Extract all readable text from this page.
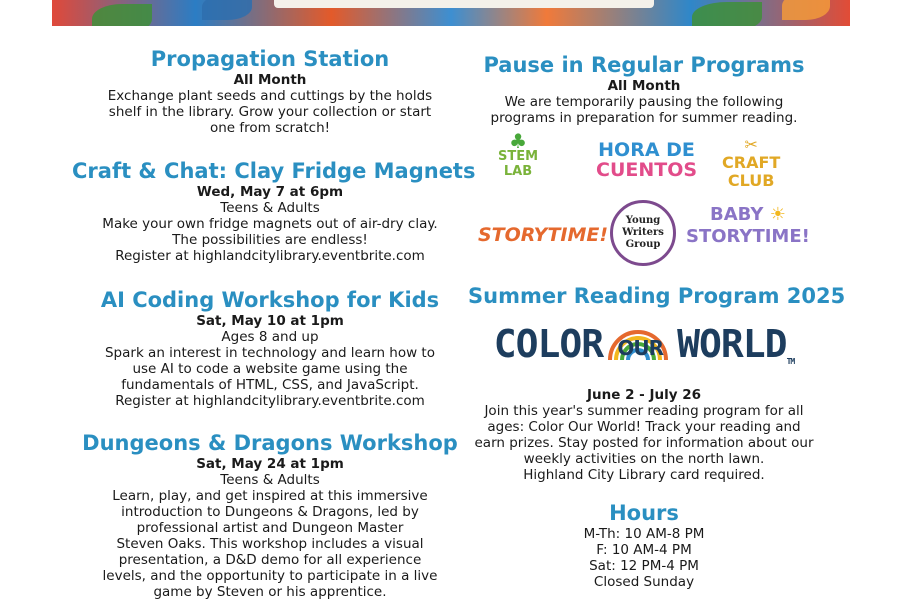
Propagation Station
All Month
Exchange plant seeds and cuttings by the holds
shelf in the library. Grow your collection or start
one from scratch!
Craft & Chat: Clay Fridge Magnets
Wed, May 7 at 6pm
Teens & Adults
Make your own fridge magnets out of air-dry clay.
The possibilities are endless!
Register at highlandcitylibrary.eventbrite.com
AI Coding Workshop for Kids
Sat, May 10 at 1pm
Ages 8 and up
Spark an interest in technology and learn how to
use AI to code a website game using the
fundamentals of HTML, CSS, and JavaScript.
Register at highlandcitylibrary.eventbrite.com
Dungeons & Dragons Workshop
Sat, May 24 at 1pm
Teens & Adults
Learn, play, and get inspired at this immersive
introduction to Dungeons & Dragons, led by
professional artist and Dungeon Master
Steven Oaks. This workshop includes a visual
presentation, a D&D demo for all experience
levels, and the opportunity to participate in a live
game by Steven or his apprentice.
Pause in Regular Programs
All Month
We are temporarily pausing the following
programs in preparation for summer reading.
♣
STEM
LAB
HORA DE
CUENTOS
✂
CRAFT
CLUB
STORYTIME!
Young
Writers
Group
BABY ☀
STORYTIME!
Summer Reading Program 2025
COLOR OUR WORLDTM
June 2 - July 26
Join this year's summer reading program for all
ages: Color Our World! Track your reading and
earn prizes. Stay posted for information about our
weekly activities on the north lawn.
Highland City Library card required.
Hours
M-Th: 10 AM-8 PM
F: 10 AM-4 PM
Sat: 12 PM-4 PM
Closed Sunday
